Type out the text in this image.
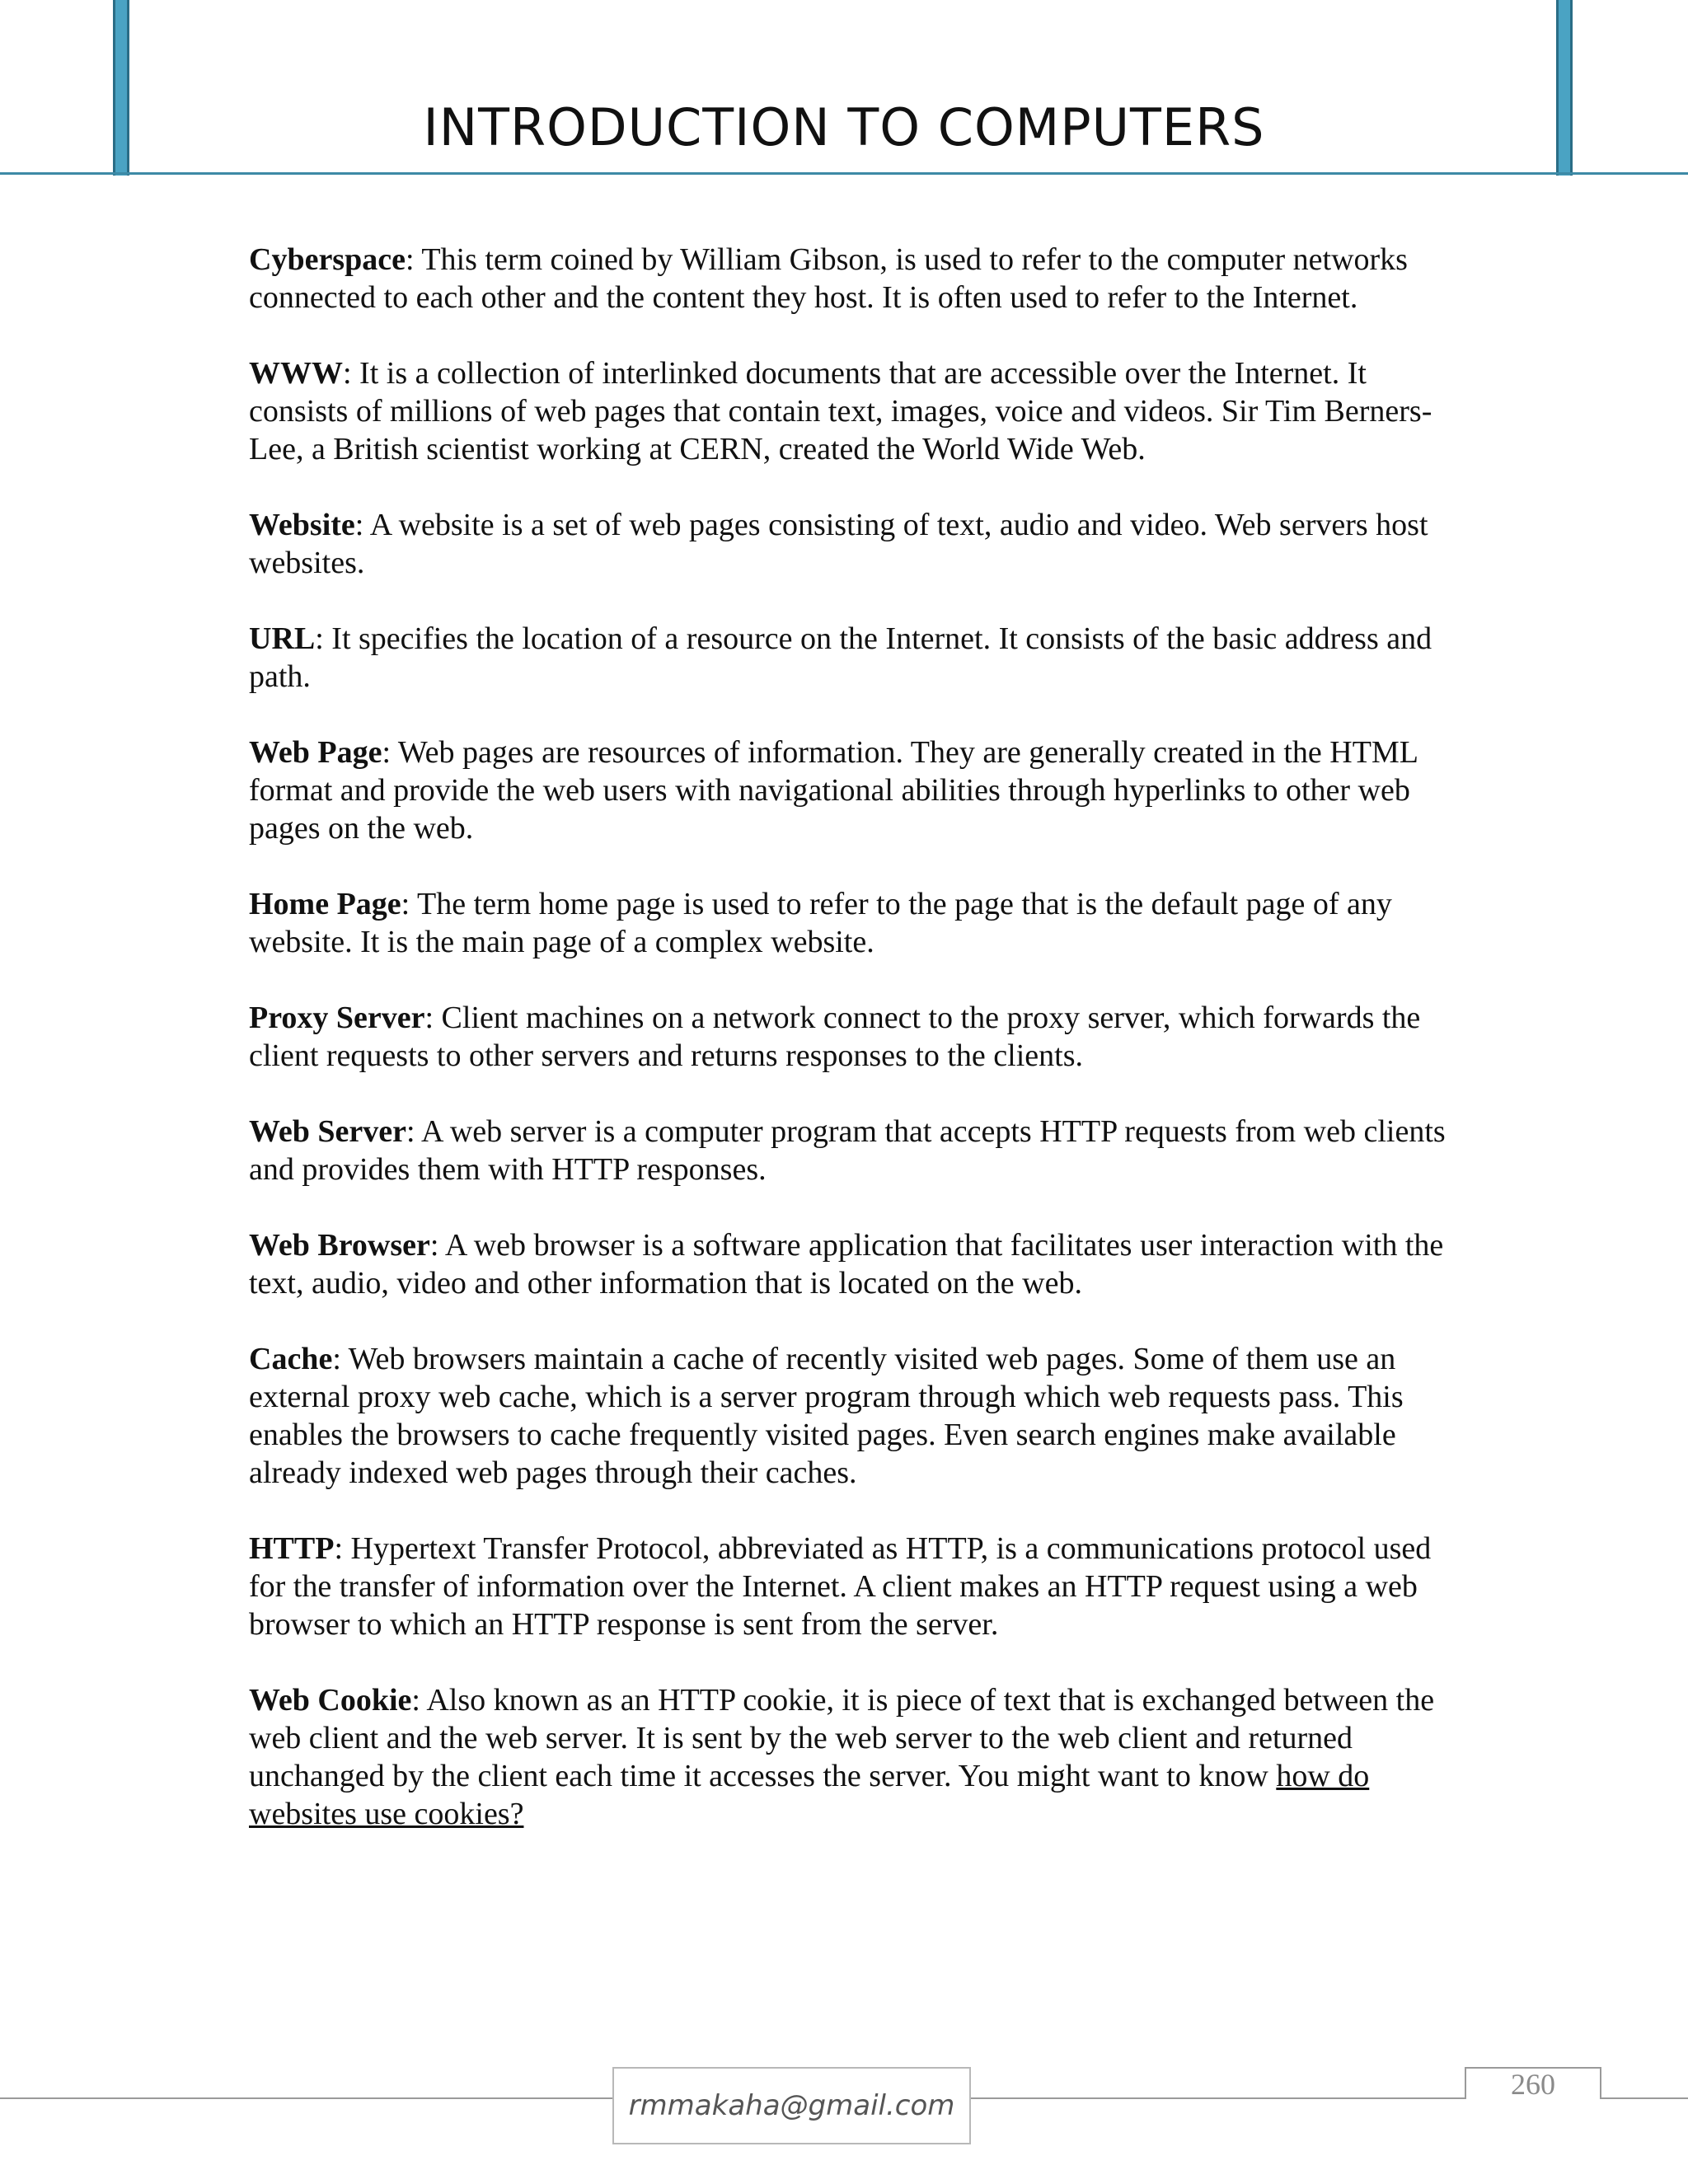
INTRODUCTION TO COMPUTERS

Cyberspace: This term coined by William Gibson, is used to refer to the computer networks connected to each other and the content they host. It is often used to refer to the Internet.

WWW: It is a collection of interlinked documents that are accessible over the Internet. It consists of millions of web pages that contain text, images, voice and videos. Sir Tim Berners-Lee, a British scientist working at CERN, created the World Wide Web.

Website: A website is a set of web pages consisting of text, audio and video. Web servers host websites.

URL: It specifies the location of a resource on the Internet. It consists of the basic address and path.

Web Page: Web pages are resources of information. They are generally created in the HTML format and provide the web users with navigational abilities through hyperlinks to other web pages on the web.

Home Page: The term home page is used to refer to the page that is the default page of any website. It is the main page of a complex website.

Proxy Server: Client machines on a network connect to the proxy server, which forwards the client requests to other servers and returns responses to the clients.

Web Server: A web server is a computer program that accepts HTTP requests from web clients and provides them with HTTP responses.

Web Browser: A web browser is a software application that facilitates user interaction with the text, audio, video and other information that is located on the web.

Cache: Web browsers maintain a cache of recently visited web pages. Some of them use an external proxy web cache, which is a server program through which web requests pass. This enables the browsers to cache frequently visited pages. Even search engines make available already indexed web pages through their caches.

HTTP: Hypertext Transfer Protocol, abbreviated as HTTP, is a communications protocol used for the transfer of information over the Internet. A client makes an HTTP request using a web browser to which an HTTP response is sent from the server.

Web Cookie: Also known as an HTTP cookie, it is piece of text that is exchanged between the web client and the web server. It is sent by the web server to the web client and returned unchanged by the client each time it accesses the server. You might want to know how do websites use cookies?

rmmakaha@gmail.com
260
